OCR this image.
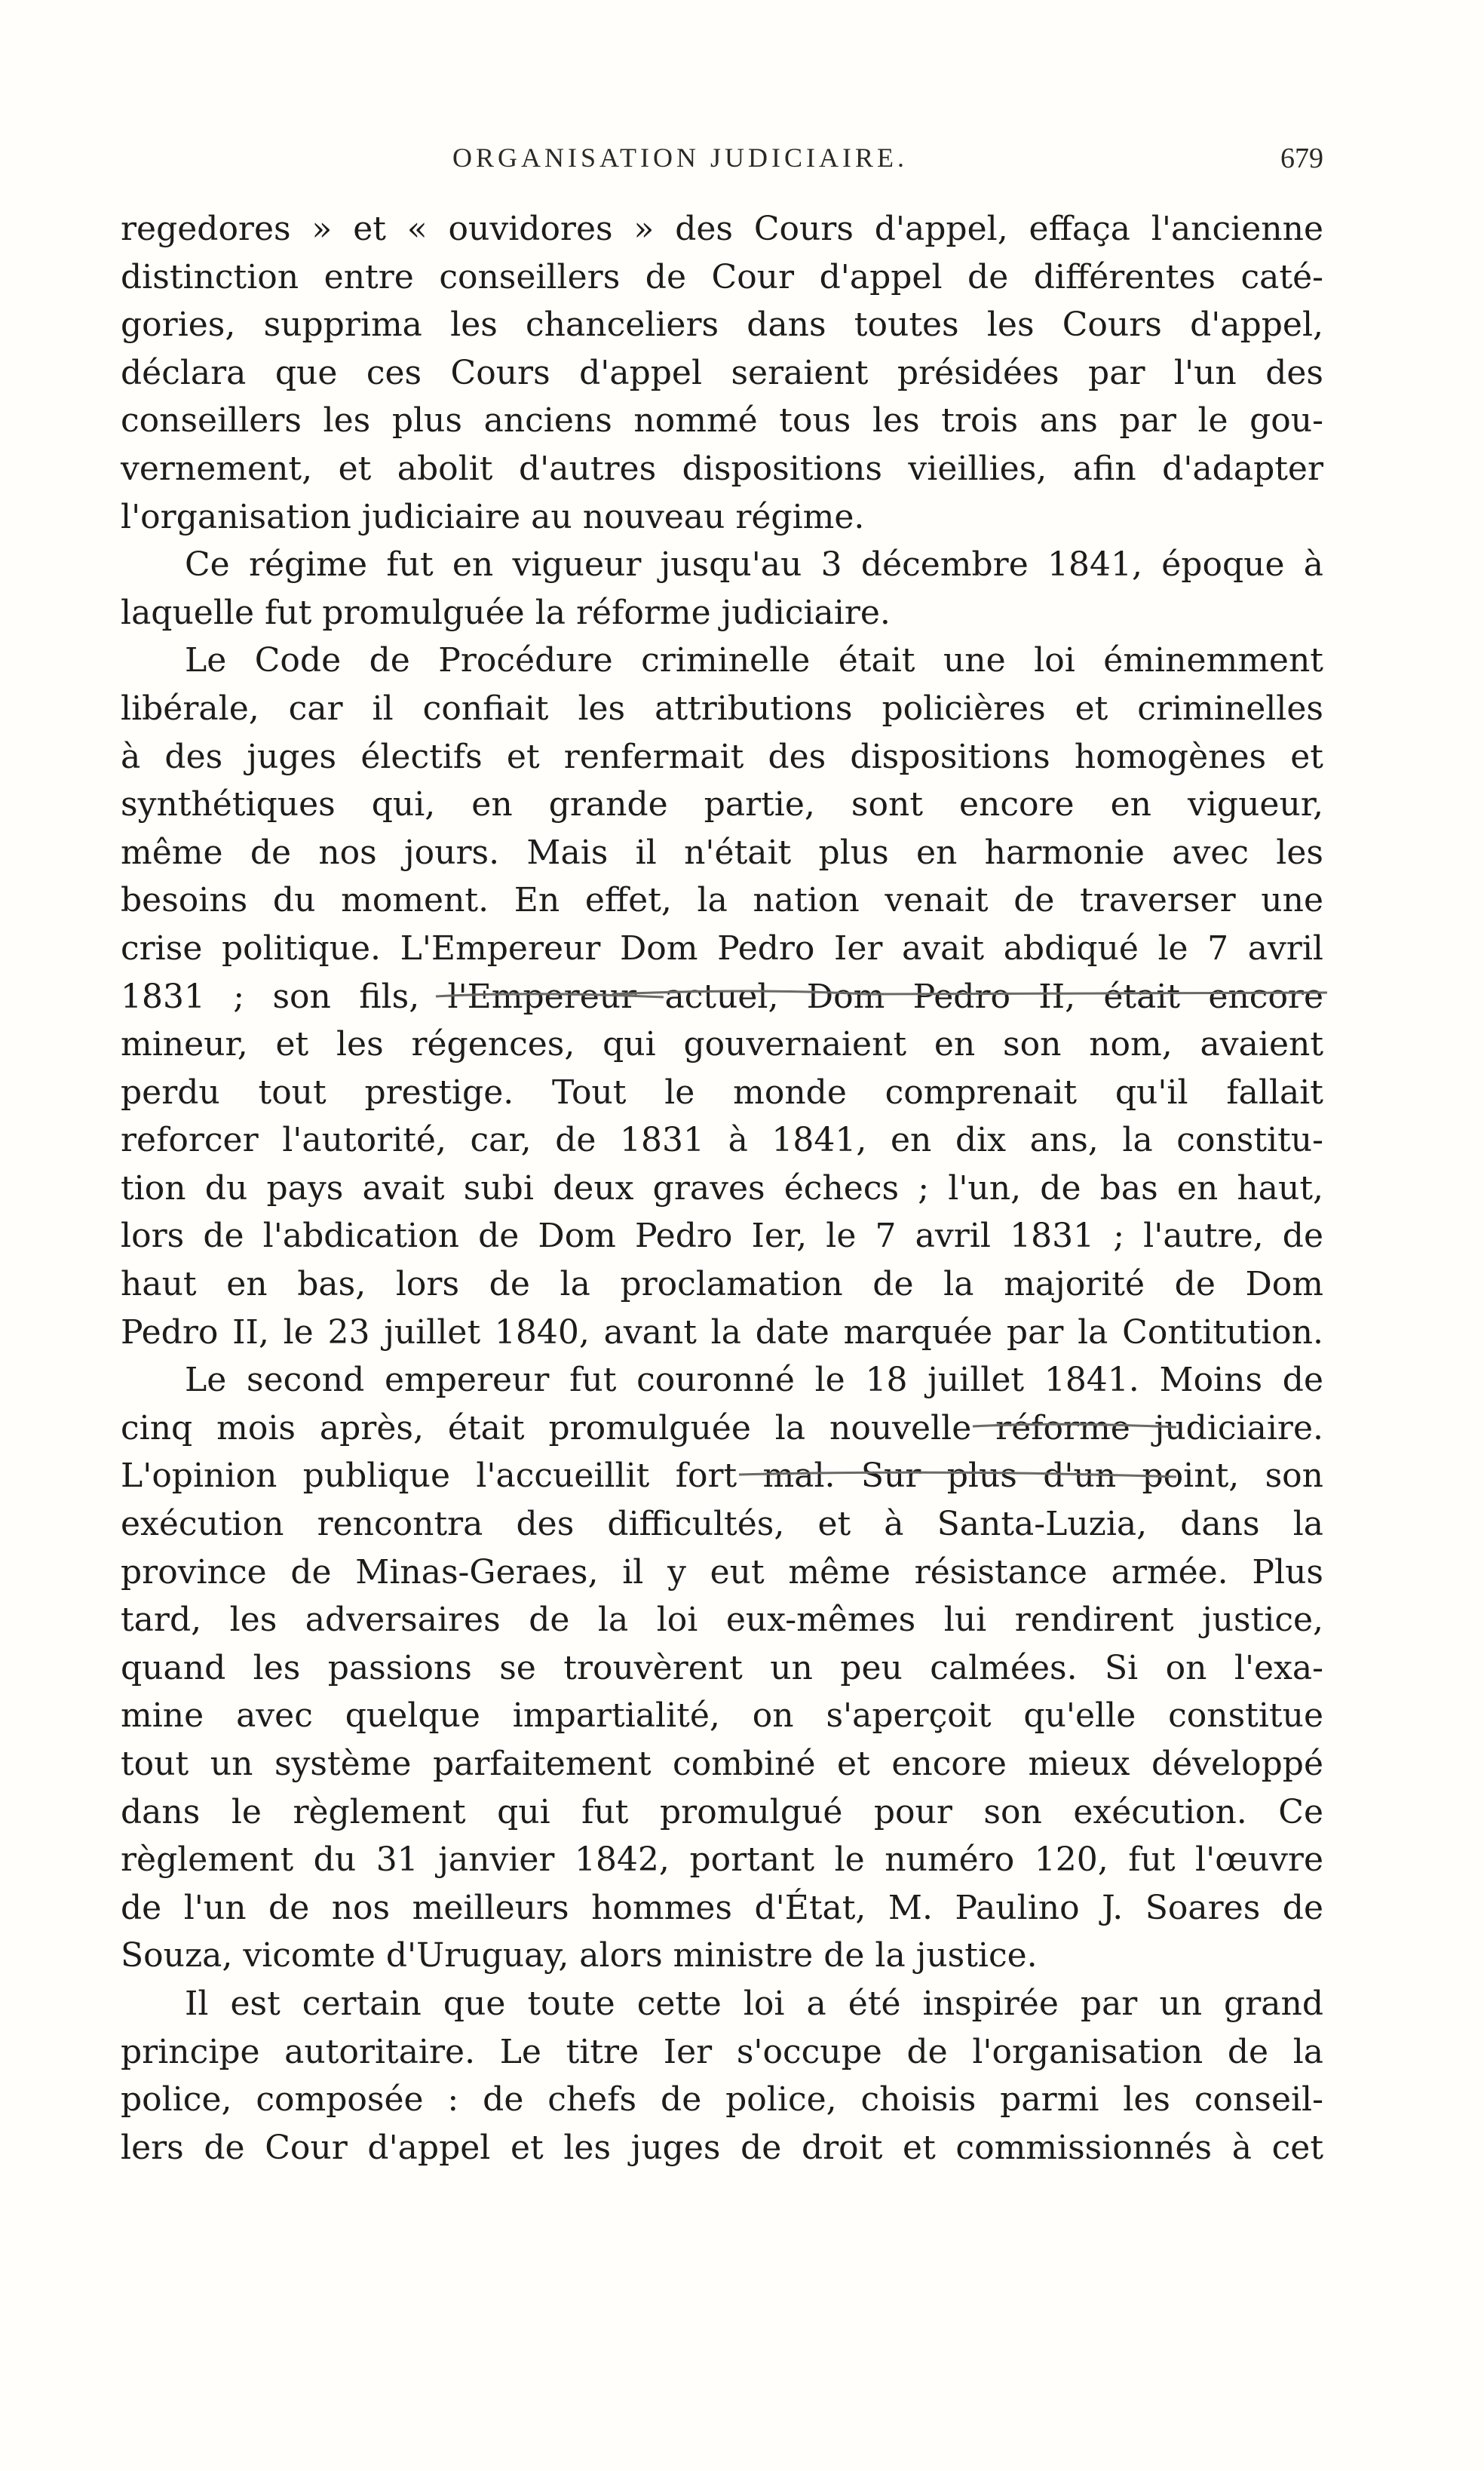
ORGANISATION JUDICIAIRE.	679
regedores » et « ouvidores » des Cours d'appel, effaça l'ancienne
distinction entre conseillers de Cour d'appel de différentes caté-
gories, supprima les chanceliers dans toutes les Cours d'appel,
déclara que ces Cours d'appel seraient présidées par l'un des
conseillers les plus anciens nommé tous les trois ans par le gou-
vernement, et abolit d'autres dispositions vieillies, afin d'adapter
l'organisation judiciaire au nouveau régime.
Ce régime fut en vigueur jusqu'au 3 décembre 1841, époque à
laquelle fut promulguée la réforme judiciaire.
Le Code de Procédure criminelle était une loi éminemment
libérale, car il confiait les attributions policières et criminelles
à des juges électifs et renfermait des dispositions homogènes et
synthétiques qui, en grande partie, sont encore en vigueur,
même de nos jours. Mais il n'était plus en harmonie avec les
besoins du moment. En effet, la nation venait de traverser une
crise politique. L'Empereur Dom Pedro Ier avait abdiqué le 7 avril
1831 ; son fils, l'Empereur actuel, Dom Pedro II, était encore
mineur, et les régences, qui gouvernaient en son nom, avaient
perdu tout prestige. Tout le monde comprenait qu'il fallait
reforcer l'autorité, car, de 1831 à 1841, en dix ans, la constitu-
tion du pays avait subi deux graves échecs ; l'un, de bas en haut,
lors de l'abdication de Dom Pedro Ier, le 7 avril 1831 ; l'autre, de
haut en bas, lors de la proclamation de la majorité de Dom
Pedro II, le 23 juillet 1840, avant la date marquée par la Contitution.
Le second empereur fut couronné le 18 juillet 1841. Moins de
cinq mois après, était promulguée la nouvelle réforme judiciaire.
L'opinion publique l'accueillit fort mal. Sur plus d'un point, son
exécution rencontra des difficultés, et à Santa-Luzia, dans la
province de Minas-Geraes, il y eut même résistance armée. Plus
tard, les adversaires de la loi eux-mêmes lui rendirent justice,
quand les passions se trouvèrent un peu calmées. Si on l'exa-
mine avec quelque impartialité, on s'aperçoit qu'elle constitue
tout un système parfaitement combiné et encore mieux développé
dans le règlement qui fut promulgué pour son exécution. Ce
règlement du 31 janvier 1842, portant le numéro 120, fut l'œuvre
de l'un de nos meilleurs hommes d'État, M. Paulino J. Soares de
Souza, vicomte d'Uruguay, alors ministre de la justice.
Il est certain que toute cette loi a été inspirée par un grand
principe autoritaire. Le titre Ier s'occupe de l'organisation de la
police, composée : de chefs de police, choisis parmi les conseil-
lers de Cour d'appel et les juges de droit et commissionnés à cet
